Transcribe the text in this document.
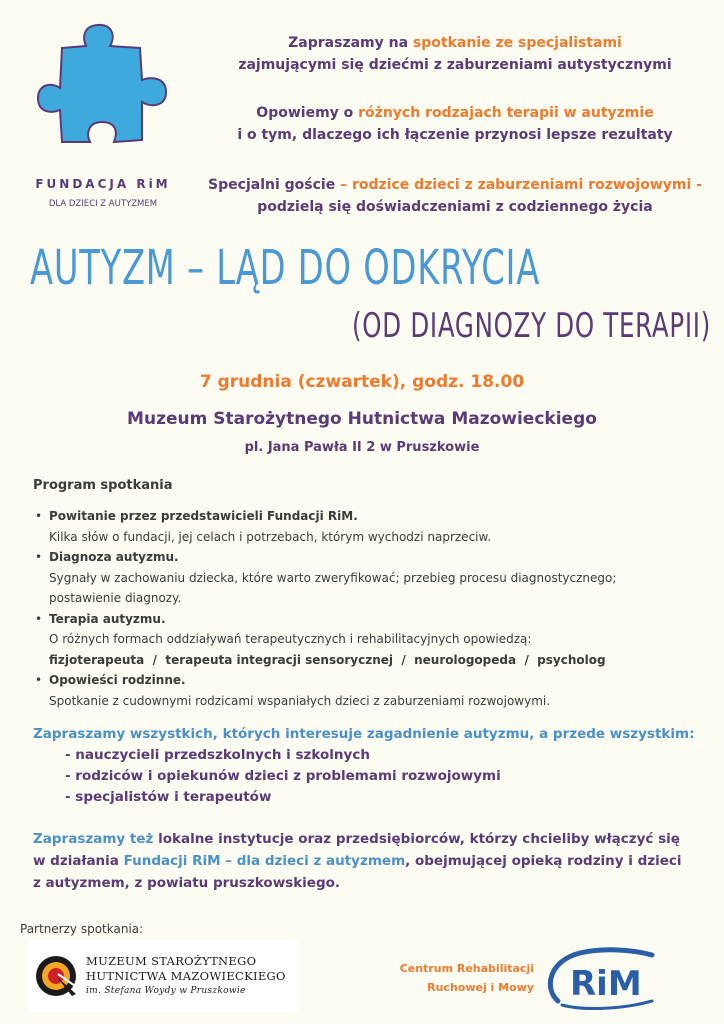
FUNDACJA RiM
DLA DZIECI Z AUTYZMEM
Zapraszamy na spotkanie ze specjalistami
zajmującymi się dziećmi z zaburzeniami autystycznymi
Opowiemy o różnych rodzajach terapii w autyzmie
i o tym, dlaczego ich łączenie przynosi lepsze rezultaty
Specjalni goście – rodzice dzieci z zaburzeniami rozwojowymi -
podzielą się doświadczeniami z codziennego życia
AUTYZM – LĄD DO ODKRYCIA
(OD DIAGNOZY DO TERAPII)
7 grudnia (czwartek), godz. 18.00
Muzeum Starożytnego Hutnictwa Mazowieckiego
pl. Jana Pawła II 2 w Pruszkowie
Program spotkania
• Powitanie przez przedstawicieli Fundacji RiM.
Kilka słów o fundacji, jej celach i potrzebach, którym wychodzi naprzeciw.
• Diagnoza autyzmu.
Sygnały w zachowaniu dziecka, które warto zweryfikować; przebieg procesu diagnostycznego;
postawienie diagnozy.
• Terapia autyzmu.
O różnych formach oddziaływań terapeutycznych i rehabilitacyjnych opowiedzą:
fizjoterapeuta  /  terapeuta integracji sensorycznej  /  neurologopeda  /  psycholog
• Opowieści rodzinne.
Spotkanie z cudownymi rodzicami wspaniałych dzieci z zaburzeniami rozwojowymi.
Zapraszamy wszystkich, których interesuje zagadnienie autyzmu, a przede wszystkim:
- nauczycieli przedszkolnych i szkolnych
- rodziców i opiekunów dzieci z problemami rozwojowymi
- specjalistów i terapeutów
Zapraszamy też lokalne instytucje oraz przedsiębiorców, którzy chcieliby włączyć się
w działania Fundacji RiM – dla dzieci z autyzmem, obejmującej opieką rodziny i dzieci
z autyzmem, z powiatu pruszkowskiego.
Partnerzy spotkania:
MUZEUM STAROŻYTNEGO
HUTNICTWA MAZOWIECKIEGO
im. Stefana Woydy w Pruszkowie
Centrum Rehabilitacji
Ruchowej i Mowy RiM
